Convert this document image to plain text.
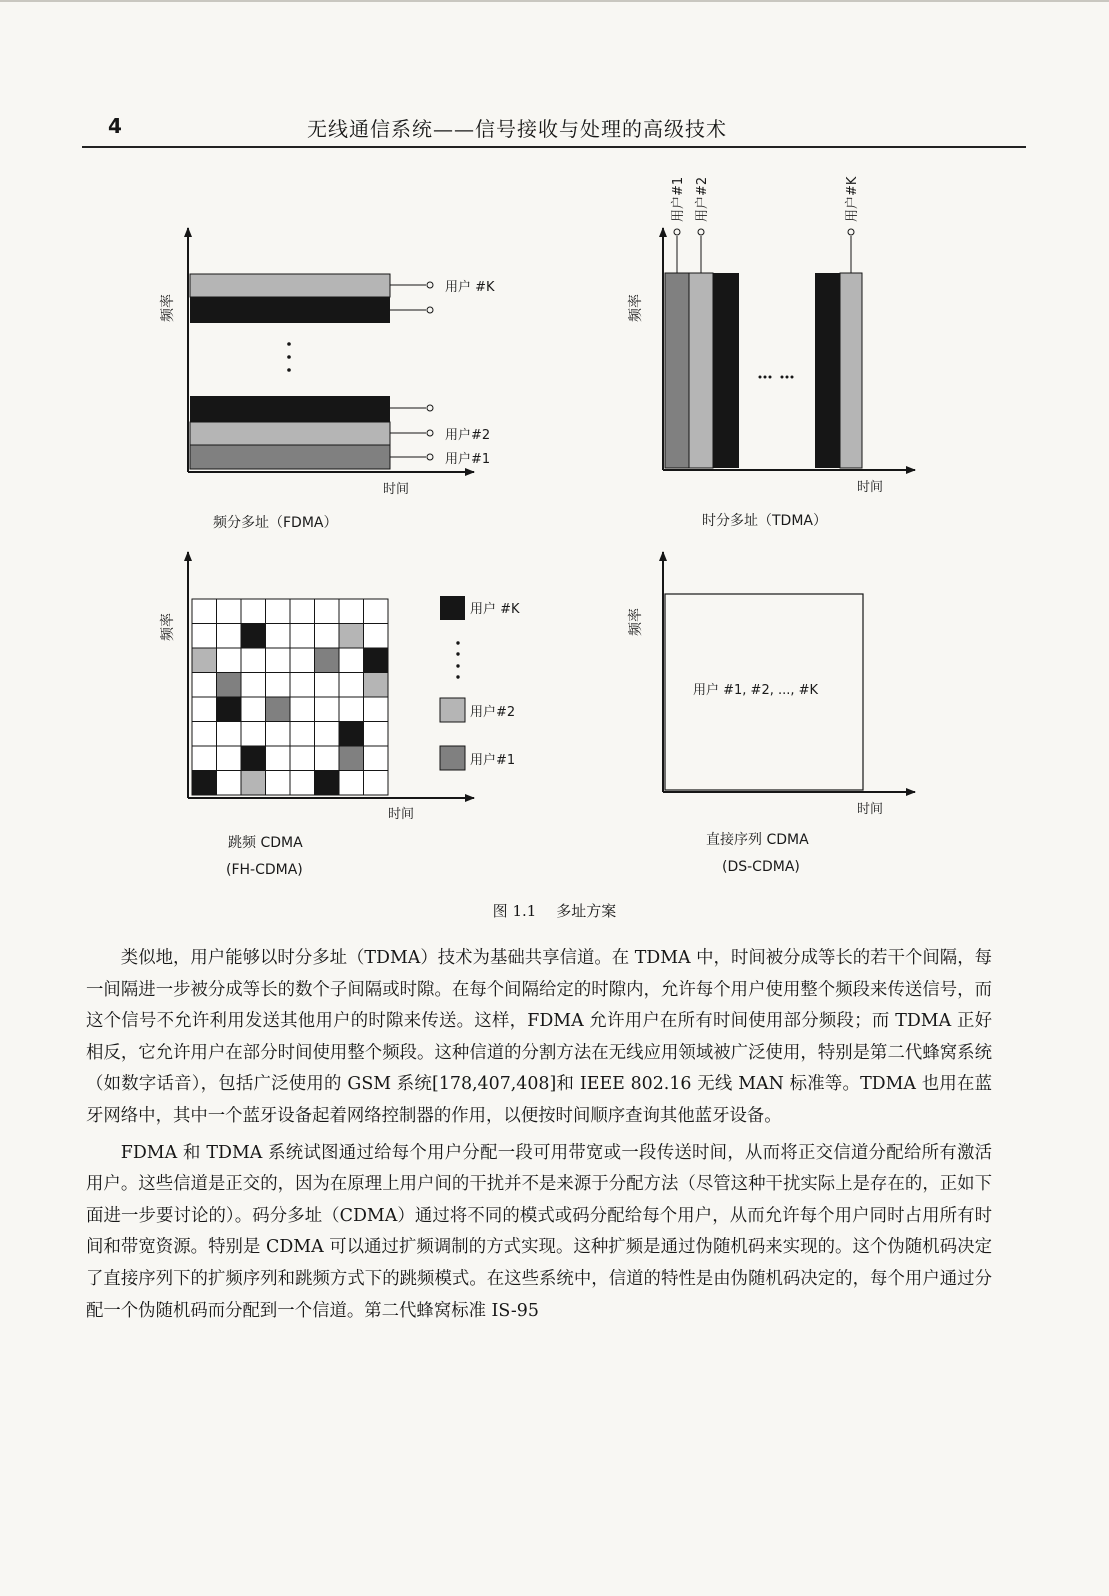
4	无线通信系统——信号接收与处理的高级技术
用户 #K
用户#2
用户#1
频率
时间
频分多址（FDMA）
用户#1 用户#2	用户#K
频率
时间
时分多址（TDMA）
用户 #K
用户#2
用户#1
频率
时间
跳频 CDMA
(FH-CDMA)
用户 #1, #2, ..., #K
频率
时间
直接序列 CDMA
(DS-CDMA)
图 1.1 多址方案

类似地，用户能够以时分多址（TDMA）技术为基础共享信道。在 TDMA 中，时间被分成等长的若干个间隔，每一间隔进一步被分成等长的数个子间隔或时隙。在每个间隔给定的时隙内，允许每个用户使用整个频段来传送信号，而这个信号不允许利用发送其他用户的时隙来传送。这样，FDMA 允许用户在所有时间使用部分频段；而 TDMA 正好相反，它允许用户在部分时间使用整个频段。这种信道的分割方法在无线应用领域被广泛使用，特别是第二代蜂窝系统（如数字话音），包括广泛使用的 GSM 系统[178,407,408]和 IEEE 802.16 无线 MAN 标准等。TDMA 也用在蓝牙网络中，其中一个蓝牙设备起着网络控制器的作用，以便按时间顺序查询其他蓝牙设备。

FDMA 和 TDMA 系统试图通过给每个用户分配一段可用带宽或一段传送时间，从而将正交信道分配给所有激活用户。这些信道是正交的，因为在原理上用户间的干扰并不是来源于分配方法（尽管这种干扰实际上是存在的，正如下面进一步要讨论的）。码分多址（CDMA）通过将不同的模式或码分配给每个用户，从而允许每个用户同时占用所有时间和带宽资源。特别是 CDMA 可以通过扩频调制的方式实现。这种扩频是通过伪随机码来实现的。这个伪随机码决定了直接序列下的扩频序列和跳频方式下的跳频模式。在这些系统中，信道的特性是由伪随机码决定的，每个用户通过分配一个伪随机码而分配到一个信道。第二代蜂窝标准 IS-95
